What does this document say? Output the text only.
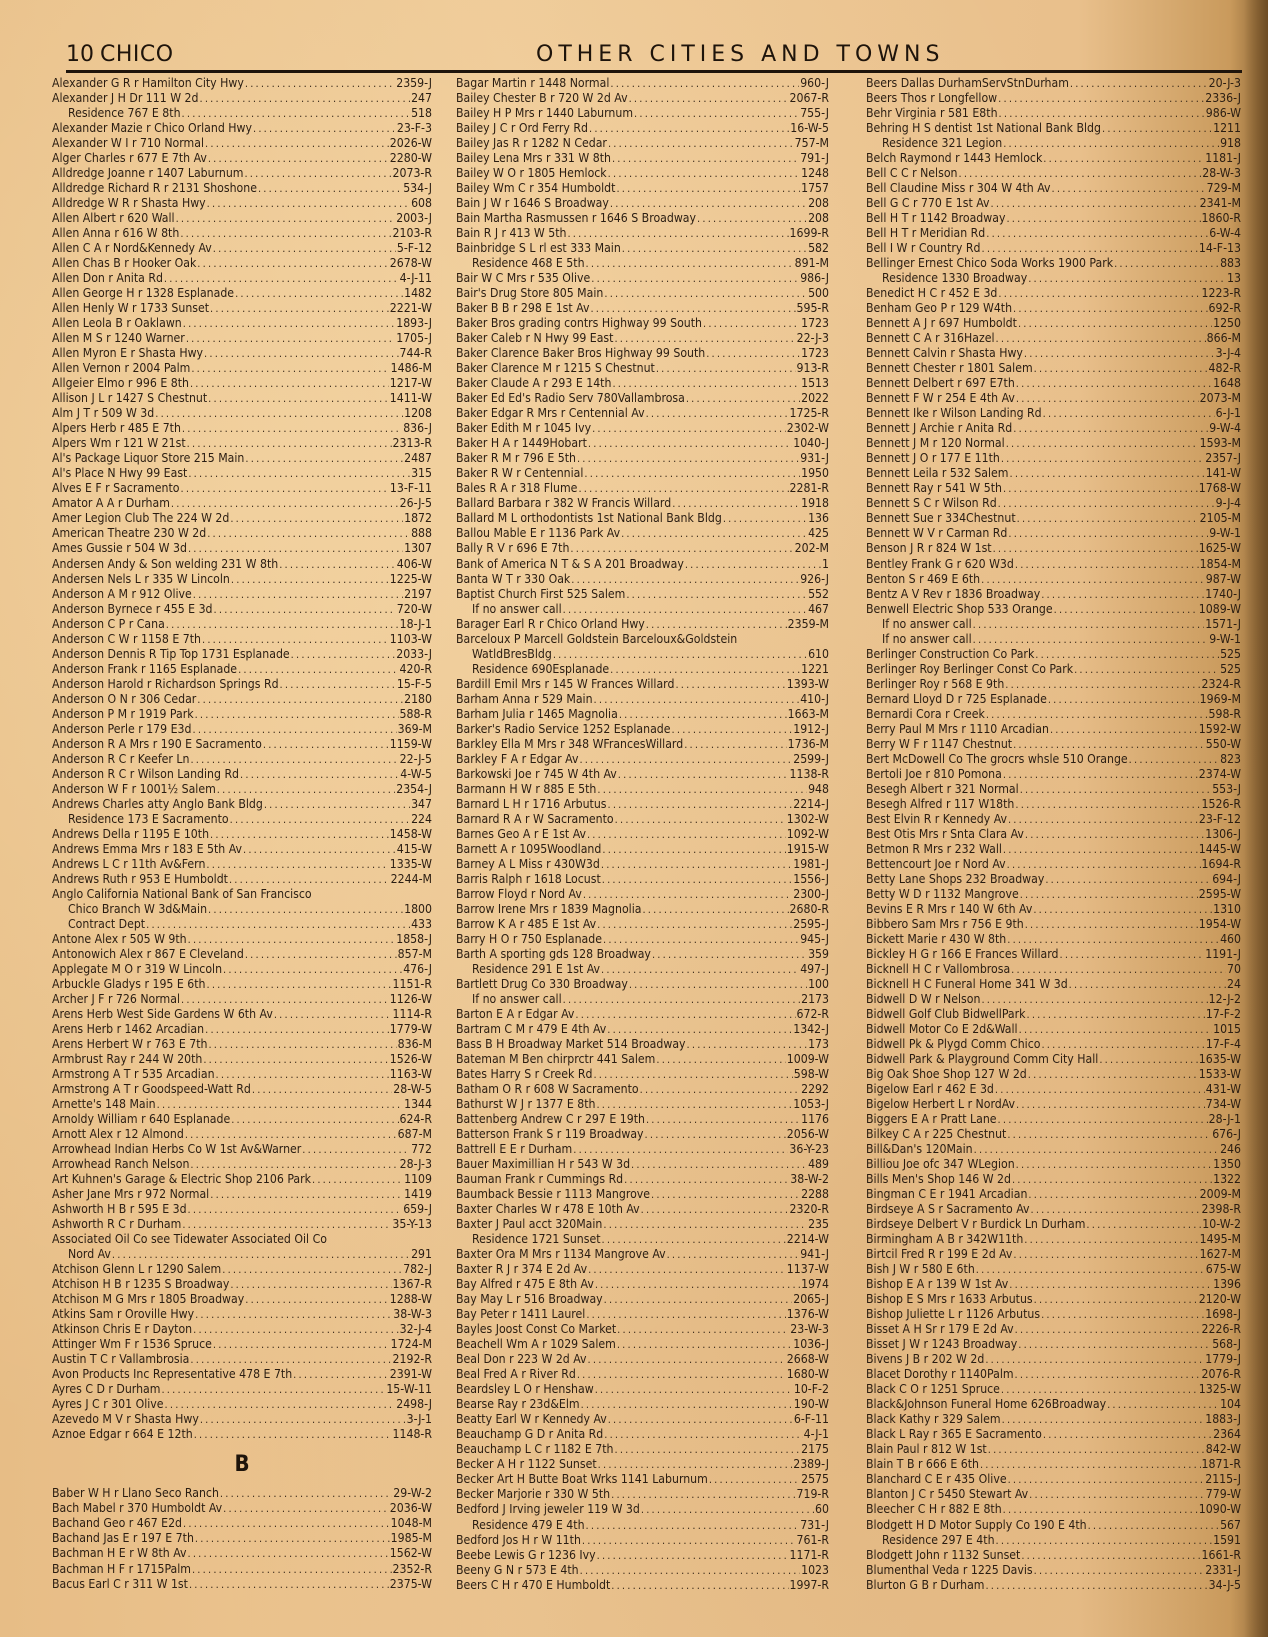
10 CHICO	OTHER CITIES AND TOWNS
Alexander G R r Hamilton City Hwy .....	2359-J
Alexander J H Dr 111 W 2d .....	247
Residence 767 E 8th .....	518
Alexander Mazie r Chico Orland Hwy .....	23-F-3
Alexander W I r 710 Normal .....	2026-W
Alger Charles r 677 E 7th Av .....	2280-W
Alldredge Joanne r 1407 Laburnum .....	2073-R
Alldredge Richard R r 2131 Shoshone .....	534-J
Alldredge W R r Shasta Hwy .....	608
Allen Albert r 620 Wall .....	2003-J
Allen Anna r 616 W 8th .....	2103-R
Allen C A r Nord&Kennedy Av .....	5-F-12
Allen Chas B r Hooker Oak .....	2678-W
Allen Don r Anita Rd .....	4-J-11
Allen George H r 1328 Esplanade .....	1482
Allen Henly W r 1733 Sunset .....	2221-W
Allen Leola B r Oaklawn .....	1893-J
Allen M S r 1240 Warner .....	1705-J
Allen Myron E r Shasta Hwy .....	744-R
Allen Vernon r 2004 Palm .....	1486-M
Allgeier Elmo r 996 E 8th .....	1217-W
Allison J L r 1427 S Chestnut .....	1411-W
Alm J T r 509 W 3d .....	1208
Alpers Herb r 485 E 7th .....	836-J
Alpers Wm r 121 W 21st .....	2313-R
Al's Package Liquor Store 215 Main .....	2487
Al's Place N Hwy 99 East .....	315
Alves E F r Sacramento .....	13-F-11
Amator A A r Durham .....	26-J-5
Amer Legion Club The 224 W 2d .....	1872
American Theatre 230 W 2d .....	888
Ames Gussie r 504 W 3d .....	1307
Andersen Andy & Son welding 231 W 8th .....	406-W
Andersen Nels L r 335 W Lincoln .....	1225-W
Anderson A M r 912 Olive .....	2197
Anderson Byrnece r 455 E 3d .....	720-W
Anderson C P r Cana .....	18-J-1
Anderson C W r 1158 E 7th .....	1103-W
Anderson Dennis R Tip Top 1731 Esplanade .....	2033-J
Anderson Frank r 1165 Esplanade .....	420-R
Anderson Harold r Richardson Springs Rd .....	15-F-5
Anderson O N r 306 Cedar .....	2180
Anderson P M r 1919 Park .....	588-R
Anderson Perle r 179 E3d .....	369-M
Anderson R A Mrs r 190 E Sacramento .....	1159-W
Anderson R C r Keefer Ln .....	22-J-5
Anderson R C r Wilson Landing Rd .....	4-W-5
Anderson W F r 1001½ Salem .....	2354-J
Andrews Charles atty Anglo Bank Bldg .....	347
Residence 173 E Sacramento .....	224
Andrews Della r 1195 E 10th .....	1458-W
Andrews Emma Mrs r 183 E 5th Av .....	415-W
Andrews L C r 11th Av&Fern .....	1335-W
Andrews Ruth r 953 E Humboldt .....	2244-M
Anglo California National Bank of San Francisco
Chico Branch W 3d&Main .....	1800
Contract Dept .....	433
Antone Alex r 505 W 9th .....	1858-J
Antonowich Alex r 867 E Cleveland .....	857-M
Applegate M O r 319 W Lincoln .....	476-J
Arbuckle Gladys r 195 E 6th .....	1151-R
Archer J F r 726 Normal .....	1126-W
Arens Herb West Side Gardens W 6th Av .....	1114-R
Arens Herb r 1462 Arcadian .....	1779-W
Arens Herbert W r 763 E 7th .....	836-M
Armbrust Ray r 244 W 20th .....	1526-W
Armstrong A T r 535 Arcadian .....	1163-W
Armstrong A T r Goodspeed-Watt Rd .....	28-W-5
Arnette's 148 Main .....	1344
Arnoldy William r 640 Esplanade .....	624-R
Arnott Alex r 12 Almond .....	687-M
Arrowhead Indian Herbs Co W 1st Av&Warner .....	772
Arrowhead Ranch Nelson .....	28-J-3
Art Kuhnen's Garage & Electric Shop 2106 Park .....	1109
Asher Jane Mrs r 972 Normal .....	1419
Ashworth H B r 595 E 3d .....	659-J
Ashworth R C r Durham .....	35-Y-13
Associated Oil Co see Tidewater Associated Oil Co
Nord Av .....	291
Atchison Glenn L r 1290 Salem .....	782-J
Atchison H B r 1235 S Broadway .....	1367-R
Atchison M G Mrs r 1805 Broadway .....	1288-W
Atkins Sam r Oroville Hwy .....	38-W-3
Atkinson Chris E r Dayton .....	32-J-4
Attinger Wm F r 1536 Spruce .....	1724-M
Austin T C r Vallambrosia .....	2192-R
Avon Products Inc Representative 478 E 7th .....	2391-W
Ayres C D r Durham .....	15-W-11
Ayres J C r 301 Olive .....	2498-J
Azevedo M V r Shasta Hwy .....	3-J-1
Aznoe Edgar r 664 E 12th .....	1148-R
B
Baber W H r Llano Seco Ranch .....	29-W-2
Bach Mabel r 370 Humboldt Av .....	2036-W
Bachand Geo r 467 E2d .....	1048-M
Bachand Jas E r 197 E 7th .....	1985-M
Bachman H E r W 8th Av .....	1562-W
Bachman H F r 1715Palm .....	2352-R
Bacus Earl C r 311 W 1st .....	2375-W
Bagar Martin r 1448 Normal .....	960-J
Bailey Chester B r 720 W 2d Av .....	2067-R
Bailey H P Mrs r 1440 Laburnum .....	755-J
Bailey J C r Ord Ferry Rd .....	16-W-5
Bailey Jas R r 1282 N Cedar .....	757-M
Bailey Lena Mrs r 331 W 8th .....	791-J
Bailey W O r 1805 Hemlock .....	1248
Bailey Wm C r 354 Humboldt .....	1757
Bain J W r 1646 S Broadway .....	208
Bain Martha Rasmussen r 1646 S Broadway .....	208
Bain R J r 413 W 5th .....	1699-R
Bainbridge S L rl est 333 Main .....	582
Residence 468 E 5th .....	891-M
Bair W C Mrs r 535 Olive .....	986-J
Bair's Drug Store 805 Main .....	500
Baker B B r 298 E 1st Av .....	595-R
Baker Bros grading contrs Highway 99 South .....	1723
Baker Caleb r N Hwy 99 East .....	22-J-3
Baker Clarence Baker Bros Highway 99 South .....	1723
Baker Clarence M r 1215 S Chestnut .....	913-R
Baker Claude A r 293 E 14th .....	1513
Baker Ed Ed's Radio Serv 780Vallambrosa .....	2022
Baker Edgar R Mrs r Centennial Av .....	1725-R
Baker Edith M r 1045 Ivy .....	2302-W
Baker H A r 1449Hobart .....	1040-J
Baker R M r 796 E 5th .....	931-J
Baker R W r Centennial .....	1950
Bales R A r 318 Flume .....	2281-R
Ballard Barbara r 382 W Francis Willard .....	1918
Ballard M L orthodontists 1st National Bank Bldg .....	136
Ballou Mable E r 1136 Park Av .....	425
Bally R V r 696 E 7th .....	202-M
Bank of America N T & S A 201 Broadway .....	1
Banta W T r 330 Oak .....	926-J
Baptist Church First 525 Salem .....	552
If no answer call .....	467
Barager Earl R r Chico Orland Hwy .....	2359-M
Barceloux P Marcell Goldstein Barceloux&Goldstein
WatldBresBldg .....	610
Residence 690Esplanade .....	1221
Bardill Emil Mrs r 145 W Frances Willard .....	1393-W
Barham Anna r 529 Main .....	410-J
Barham Julia r 1465 Magnolia .....	1663-M
Barker's Radio Service 1252 Esplanade .....	1912-J
Barkley Ella M Mrs r 348 WFrancesWillard .....	1736-M
Barkley F A r Edgar Av .....	2599-J
Barkowski Joe r 745 W 4th Av .....	1138-R
Barmann H W r 885 E 5th .....	948
Barnard L H r 1716 Arbutus .....	2214-J
Barnard R A r W Sacramento .....	1302-W
Barnes Geo A r E 1st Av .....	1092-W
Barnett A r 1095Woodland .....	1915-W
Barney A L Miss r 430W3d .....	1981-J
Barris Ralph r 1618 Locust .....	1556-J
Barrow Floyd r Nord Av .....	2300-J
Barrow Irene Mrs r 1839 Magnolia .....	2680-R
Barrow K A r 485 E 1st Av .....	2595-J
Barry H O r 750 Esplanade .....	945-J
Barth A sporting gds 128 Broadway .....	359
Residence 291 E 1st Av .....	497-J
Bartlett Drug Co 330 Broadway .....	100
If no answer call .....	2173
Barton E A r Edgar Av .....	672-R
Bartram C M r 479 E 4th Av .....	1342-J
Bass B H Broadway Market 514 Broadway .....	173
Bateman M Ben chirprctr 441 Salem .....	1009-W
Bates Harry S r Creek Rd .....	598-W
Batham O R r 608 W Sacramento .....	2292
Bathurst W J r 1377 E 8th .....	1053-J
Battenberg Andrew C r 297 E 19th .....	1176
Batterson Frank S r 119 Broadway .....	2056-W
Battrell E E r Durham .....	36-Y-23
Bauer Maximillian H r 543 W 3d .....	489
Bauman Frank r Cummings Rd .....	38-W-2
Baumback Bessie r 1113 Mangrove .....	2288
Baxter Charles W r 478 E 10th Av .....	2320-R
Baxter J Paul acct 320Main .....	235
Residence 1721 Sunset .....	2214-W
Baxter Ora M Mrs r 1134 Mangrove Av .....	941-J
Baxter R J r 374 E 2d Av .....	1137-W
Bay Alfred r 475 E 8th Av .....	1974
Bay May L r 516 Broadway .....	2065-J
Bay Peter r 1411 Laurel .....	1376-W
Bayles Joost Const Co Market .....	23-W-3
Beachell Wm A r 1029 Salem .....	1036-J
Beal Don r 223 W 2d Av .....	2668-W
Beal Fred A r River Rd .....	1680-W
Beardsley L O r Henshaw .....	10-F-2
Bearse Ray r 23d&Elm .....	190-W
Beatty Earl W r Kennedy Av .....	6-F-11
Beauchamp G D r Anita Rd .....	4-J-1
Beauchamp L C r 1182 E 7th .....	2175
Becker A H r 1122 Sunset .....	2389-J
Becker Art H Butte Boat Wrks 1141 Laburnum .....	2575
Becker Marjorie r 330 W 5th .....	719-R
Bedford J Irving jeweler 119 W 3d .....	60
Residence 479 E 4th .....	731-J
Bedford Jos H r W 11th .....	761-R
Beebe Lewis G r 1236 Ivy .....	1171-R
Beeny G N r 573 E 4th .....	1023
Beers C H r 470 E Humboldt .....	1997-R
Beers Dallas DurhamServStnDurham .....	20-J-3
Beers Thos r Longfellow .....	2336-J
Behr Virginia r 581 E8th .....	986-W
Behring H S dentist 1st National Bank Bldg .....	1211
Residence 321 Legion .....	918
Belch Raymond r 1443 Hemlock .....	1181-J
Bell C C r Nelson .....	28-W-3
Bell Claudine Miss r 304 W 4th Av .....	729-M
Bell G C r 770 E 1st Av .....	2341-M
Bell H T r 1142 Broadway .....	1860-R
Bell H T r Meridian Rd .....	6-W-4
Bell I W r Country Rd .....	14-F-13
Bellinger Ernest Chico Soda Works 1900 Park .....	883
Residence 1330 Broadway .....	13
Benedict H C r 452 E 3d .....	1223-R
Benham Geo P r 129 W4th .....	692-R
Bennett A J r 697 Humboldt .....	1250
Bennett C A r 316Hazel .....	866-M
Bennett Calvin r Shasta Hwy .....	3-J-4
Bennett Chester r 1801 Salem .....	482-R
Bennett Delbert r 697 E7th .....	1648
Bennett F W r 254 E 4th Av .....	2073-M
Bennett Ike r Wilson Landing Rd .....	6-J-1
Bennett J Archie r Anita Rd .....	9-W-4
Bennett J M r 120 Normal .....	1593-M
Bennett J O r 177 E 11th .....	2357-J
Bennett Leila r 532 Salem .....	141-W
Bennett Ray r 541 W 5th .....	1768-W
Bennett S C r Wilson Rd .....	9-J-4
Bennett Sue r 334Chestnut .....	2105-M
Bennett W V r Carman Rd .....	9-W-1
Benson J R r 824 W 1st .....	1625-W
Bentley Frank G r 620 W3d .....	1854-M
Benton S r 469 E 6th .....	987-W
Bentz A V Rev r 1836 Broadway .....	1740-J
Benwell Electric Shop 533 Orange .....	1089-W
If no answer call .....	1571-J
If no answer call .....	9-W-1
Berlinger Construction Co Park .....	525
Berlinger Roy Berlinger Const Co Park .....	525
Berlinger Roy r 568 E 9th .....	2324-R
Bernard Lloyd D r 725 Esplanade .....	1969-M
Bernardi Cora r Creek .....	598-R
Berry Paul M Mrs r 1110 Arcadian .....	1592-W
Berry W F r 1147 Chestnut .....	550-W
Bert McDowell Co The grocrs whsle 510 Orange .....	823
Bertoli Joe r 810 Pomona .....	2374-W
Besegh Albert r 321 Normal .....	553-J
Besegh Alfred r 117 W18th .....	1526-R
Best Elvin R r Kennedy Av .....	23-F-12
Best Otis Mrs r Snta Clara Av .....	1306-J
Betmon R Mrs r 232 Wall .....	1445-W
Bettencourt Joe r Nord Av .....	1694-R
Betty Lane Shops 232 Broadway .....	694-J
Betty W D r 1132 Mangrove .....	2595-W
Bevins E R Mrs r 140 W 6th Av .....	1310
Bibbero Sam Mrs r 756 E 9th .....	1954-W
Bickett Marie r 430 W 8th .....	460
Bickley H G r 166 E Frances Willard .....	1191-J
Bicknell H C r Vallombrosa .....	70
Bicknell H C Funeral Home 341 W 3d .....	24
Bidwell D W r Nelson .....	12-J-2
Bidwell Golf Club BidwellPark .....	17-F-2
Bidwell Motor Co E 2d&Wall .....	1015
Bidwell Pk & Plygd Comm Chico .....	17-F-4
Bidwell Park & Playground Comm City Hall .....	1635-W
Big Oak Shoe Shop 127 W 2d .....	1533-W
Bigelow Earl r 462 E 3d .....	431-W
Bigelow Herbert L r NordAv .....	734-W
Biggers E A r Pratt Lane .....	28-J-1
Bilkey C A r 225 Chestnut .....	676-J
Bill&Dan's 120Main .....	246
Billiou Joe ofc 347 WLegion .....	1350
Bills Men's Shop 146 W 2d .....	1322
Bingman C E r 1941 Arcadian .....	2009-M
Birdseye A S r Sacramento Av .....	2398-R
Birdseye Delbert V r Burdick Ln Durham .....	10-W-2
Birmingham A B r 342W11th .....	1495-M
Birtcil Fred R r 199 E 2d Av .....	1627-M
Bish J W r 580 E 6th .....	675-W
Bishop E A r 139 W 1st Av .....	1396
Bishop E S Mrs r 1633 Arbutus .....	2120-W
Bishop Juliette L r 1126 Arbutus .....	1698-J
Bisset A H Sr r 179 E 2d Av .....	2226-R
Bisset J W r 1243 Broadway .....	568-J
Bivens J B r 202 W 2d .....	1779-J
Blacet Dorothy r 1140Palm .....	2076-R
Black C O r 1251 Spruce .....	1325-W
Black&Johnson Funeral Home 626Broadway .....	104
Black Kathy r 329 Salem .....	1883-J
Black L Ray r 365 E Sacramento .....	2364
Blain Paul r 812 W 1st .....	842-W
Blain T B r 666 E 6th .....	1871-R
Blanchard C E r 435 Olive .....	2115-J
Blanton J C r 5450 Stewart Av .....	779-W
Bleecher C H r 882 E 8th .....	1090-W
Blodgett H D Motor Supply Co 190 E 4th .....	567
Residence 297 E 4th .....	1591
Blodgett John r 1132 Sunset .....	1661-R
Blumenthal Veda r 1225 Davis .....	2331-J
Blurton G B r Durham .....	34-J-5
